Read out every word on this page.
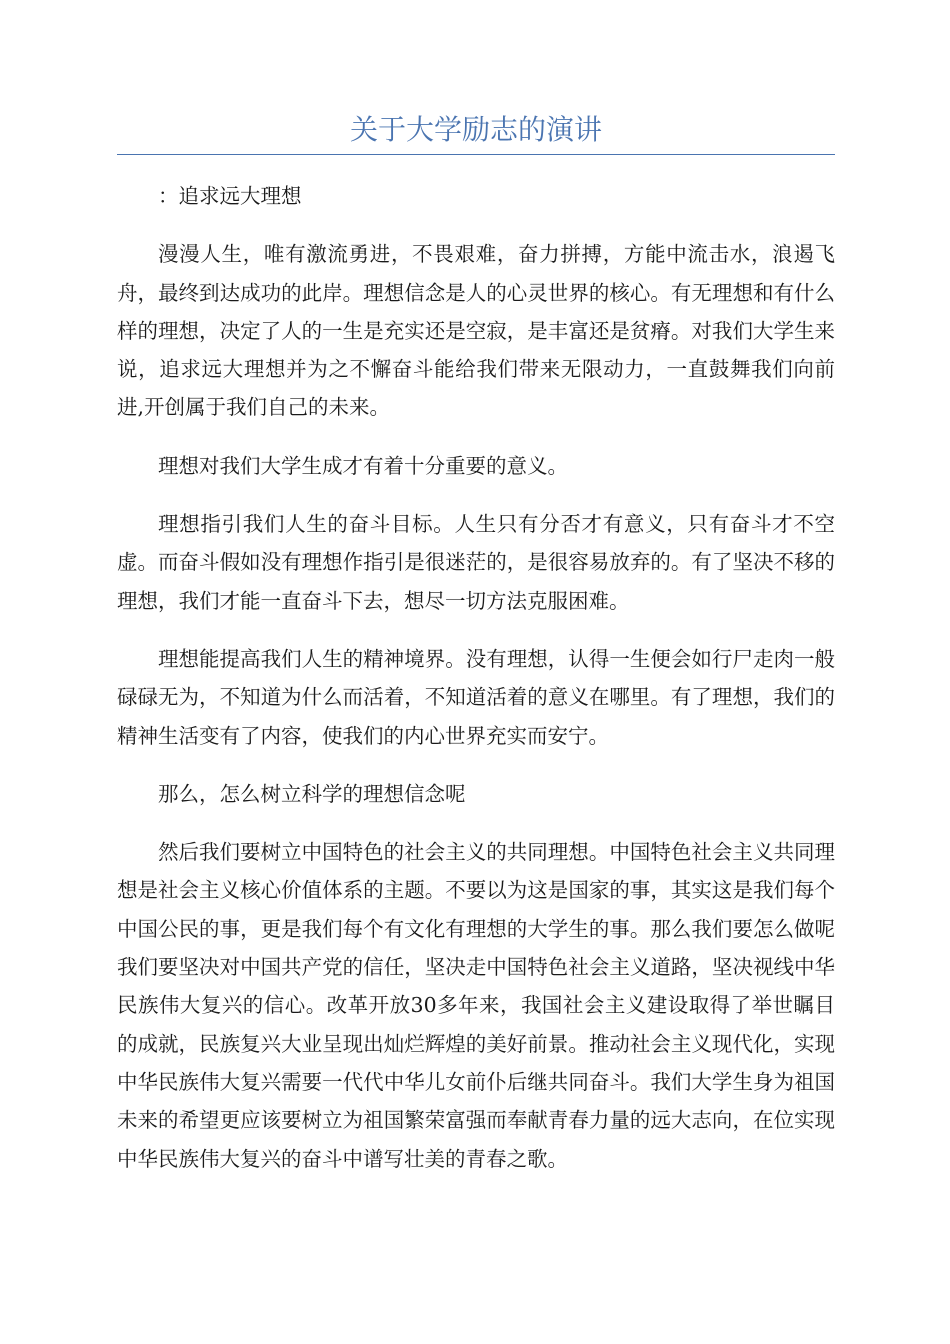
关于大学励志的演讲

：追求远大理想

漫漫人生，唯有激流勇进，不畏艰难，奋力拼搏，方能中流击水，浪遏飞舟，最终到达成功的此岸。理想信念是人的心灵世界的核心。有无理想和有什么样的理想，决定了人的一生是充实还是空寂，是丰富还是贫瘠。对我们大学生来说，追求远大理想并为之不懈奋斗能给我们带来无限动力，一直鼓舞我们向前进,开创属于我们自己的未来。

理想对我们大学生成才有着十分重要的意义。

理想指引我们人生的奋斗目标。人生只有分否才有意义，只有奋斗才不空虚。而奋斗假如没有理想作指引是很迷茫的，是很容易放弃的。有了坚决不移的理想，我们才能一直奋斗下去，想尽一切方法克服困难。

理想能提高我们人生的精神境界。没有理想，认得一生便会如行尸走肉一般碌碌无为，不知道为什么而活着，不知道活着的意义在哪里。有了理想，我们的精神生活变有了内容，使我们的内心世界充实而安宁。

那么，怎么树立科学的理想信念呢

然后我们要树立中国特色的社会主义的共同理想。中国特色社会主义共同理想是社会主义核心价值体系的主题。不要以为这是国家的事，其实这是我们每个中国公民的事，更是我们每个有文化有理想的大学生的事。那么我们要怎么做呢我们要坚决对中国共产党的信任，坚决走中国特色社会主义道路，坚决视线中华民族伟大复兴的信心。改革开放30多年来，我国社会主义建设取得了举世瞩目的成就，民族复兴大业呈现出灿烂辉煌的美好前景。推动社会主义现代化，实现中华民族伟大复兴需要一代代中华儿女前仆后继共同奋斗。我们大学生身为祖国未来的希望更应该要树立为祖国繁荣富强而奉献青春力量的远大志向，在位实现中华民族伟大复兴的奋斗中谱写壮美的青春之歌。
